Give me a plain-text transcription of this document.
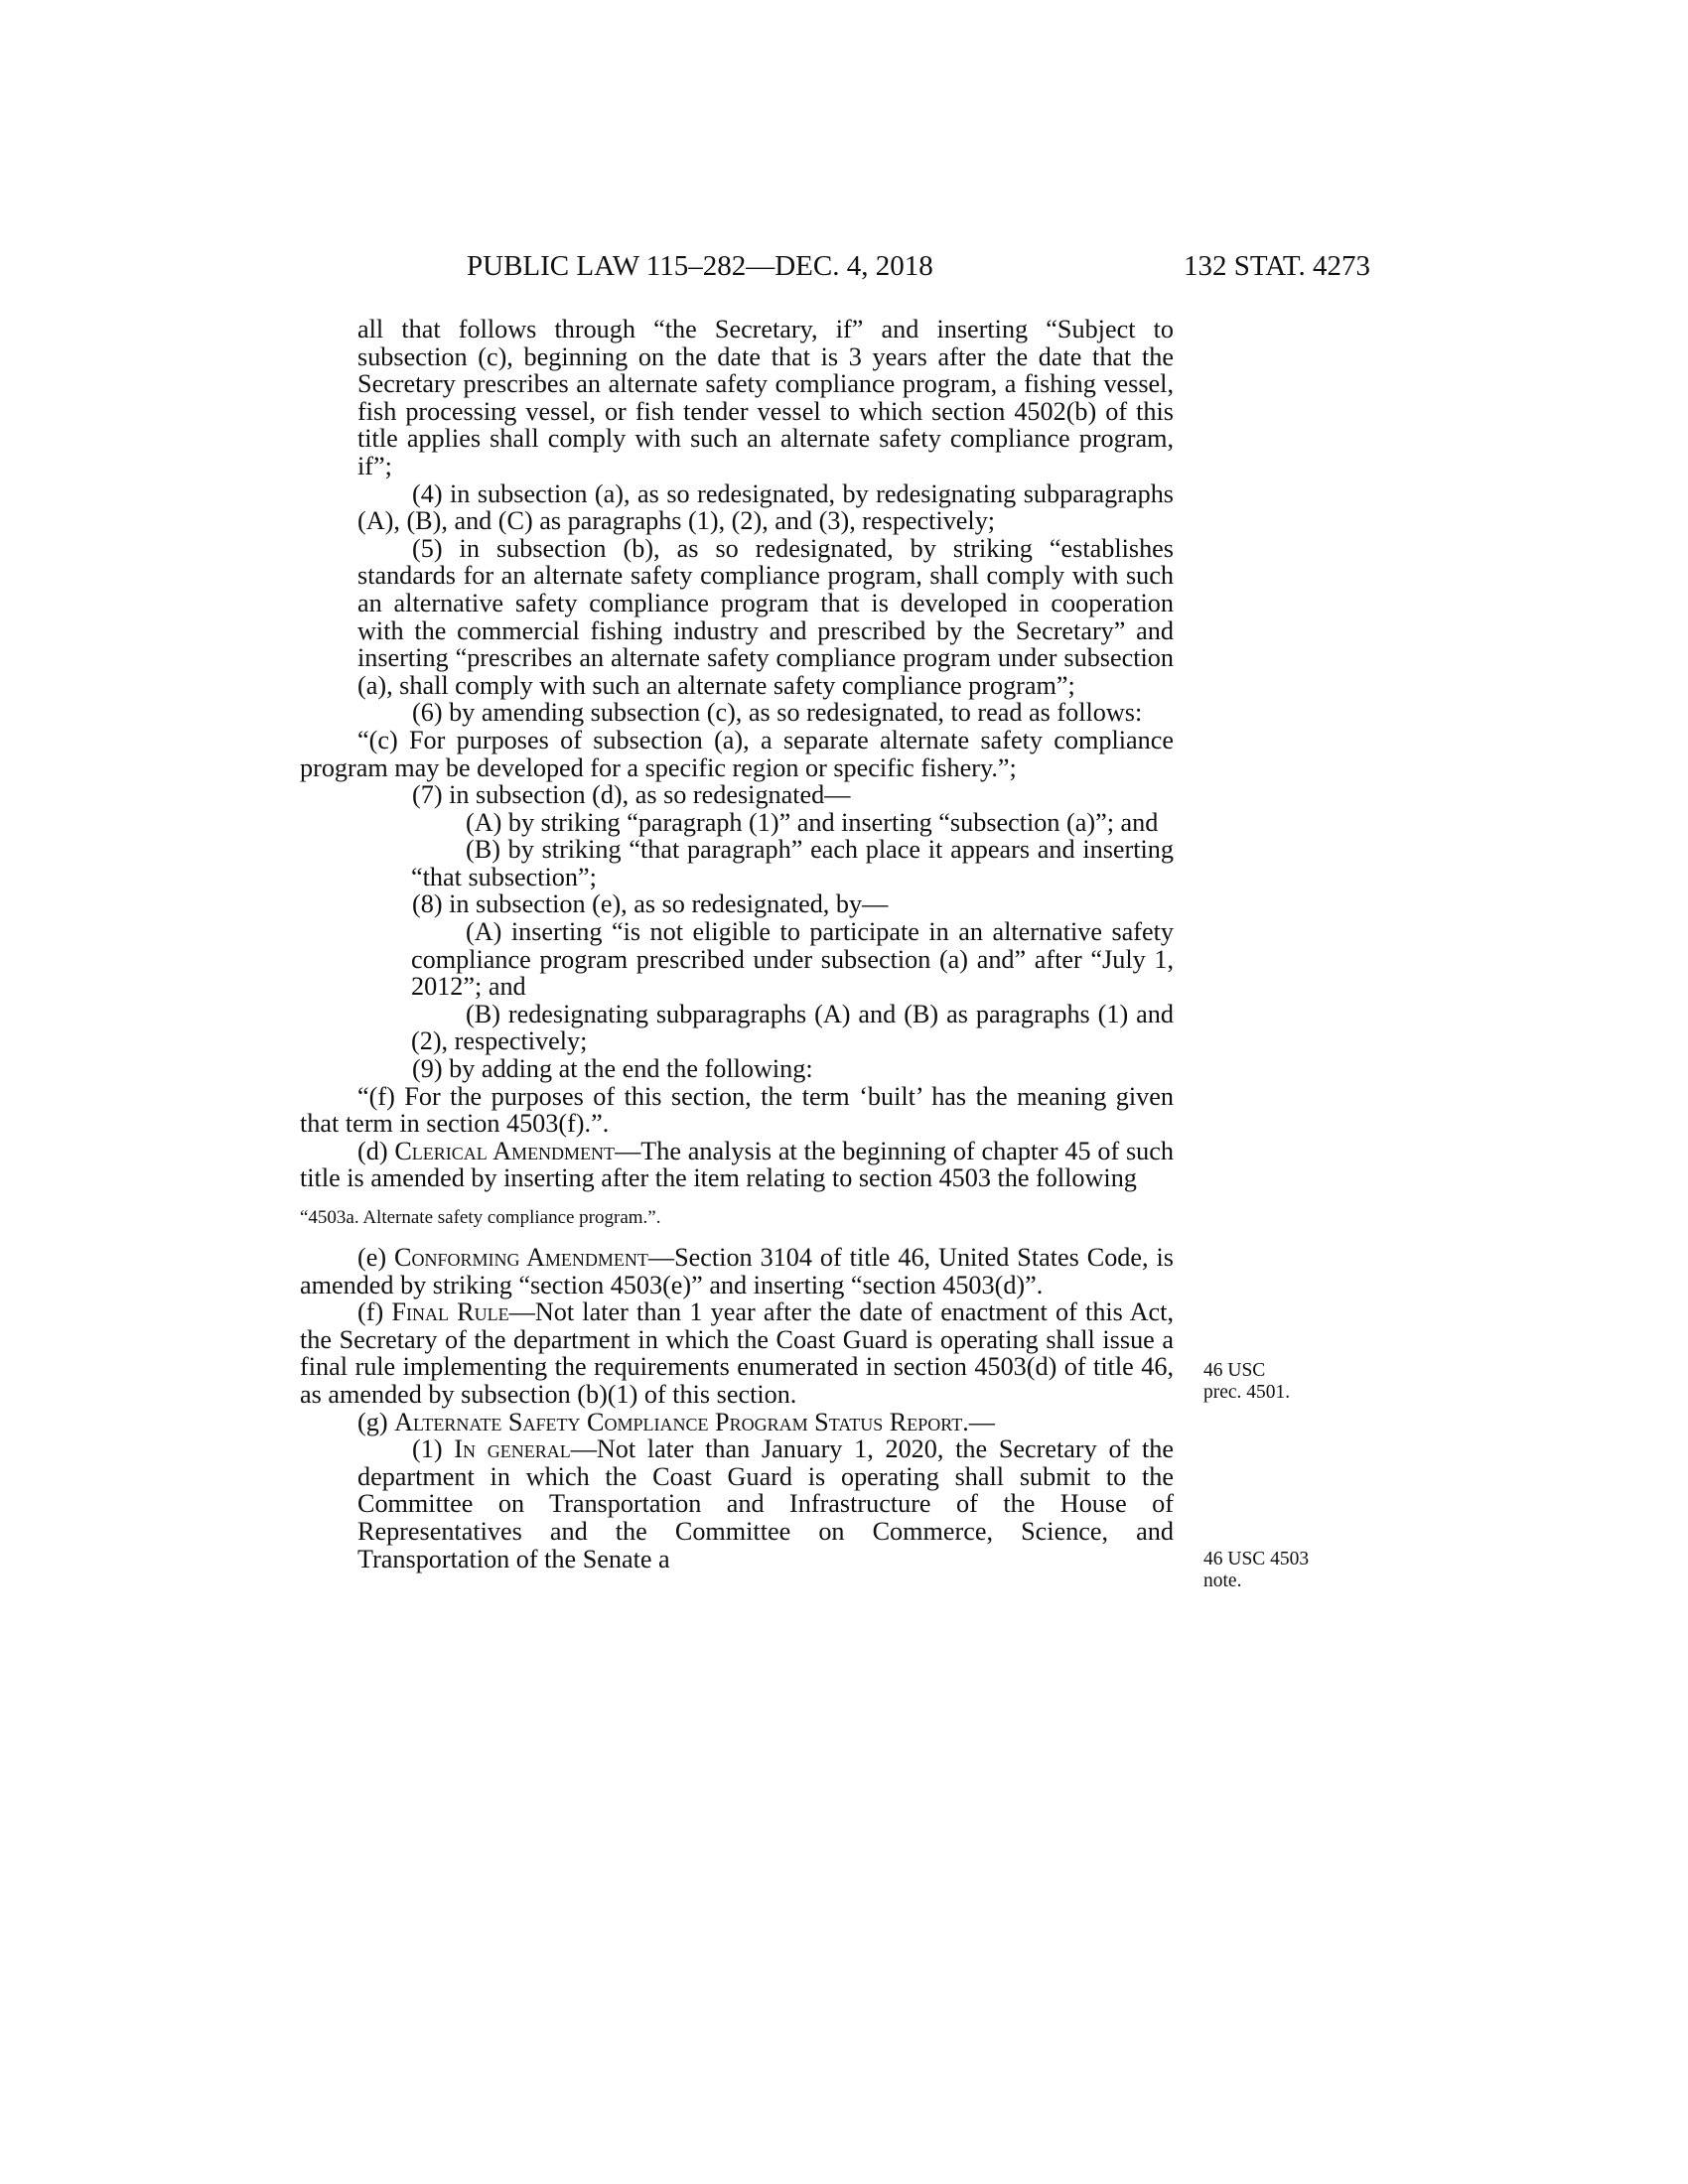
PUBLIC LAW 115–282—DEC. 4, 2018	132 STAT. 4273

all that follows through “the Secretary, if” and inserting “Subject to subsection (c), beginning on the date that is 3 years after the date that the Secretary prescribes an alternate safety compliance program, a fishing vessel, fish processing vessel, or fish tender vessel to which section 4502(b) of this title applies shall comply with such an alternate safety compliance program, if”;

(4) in subsection (a), as so redesignated, by redesignating subparagraphs (A), (B), and (C) as paragraphs (1), (2), and (3), respectively;

(5) in subsection (b), as so redesignated, by striking “establishes standards for an alternate safety compliance program, shall comply with such an alternative safety compliance program that is developed in cooperation with the commercial fishing industry and prescribed by the Secretary” and inserting “prescribes an alternate safety compliance program under subsection (a), shall comply with such an alternate safety compliance program”;

(6) by amending subsection (c), as so redesignated, to read as follows:

“(c) For purposes of subsection (a), a separate alternate safety compliance program may be developed for a specific region or specific fishery.”;

(7) in subsection (d), as so redesignated—

(A) by striking “paragraph (1)” and inserting “subsection (a)”; and

(B) by striking “that paragraph” each place it appears and inserting “that subsection”;

(8) in subsection (e), as so redesignated, by—

(A) inserting “is not eligible to participate in an alternative safety compliance program prescribed under subsection (a) and” after “July 1, 2012”; and

(B) redesignating subparagraphs (A) and (B) as paragraphs (1) and (2), respectively;

(9) by adding at the end the following:

“(f) For the purposes of this section, the term ‘built’ has the meaning given that term in section 4503(f).”.

(d) Clerical Amendment—The analysis at the beginning of chapter 45 of such title is amended by inserting after the item relating to section 4503 the following

“4503a. Alternate safety compliance program.”.

(e) Conforming Amendment—Section 3104 of title 46, United States Code, is amended by striking “section 4503(e)” and inserting “section 4503(d)”.

(f) Final Rule—Not later than 1 year after the date of enactment of this Act, the Secretary of the department in which the Coast Guard is operating shall issue a final rule implementing the requirements enumerated in section 4503(d) of title 46, as amended by subsection (b)(1) of this section.

(g) Alternate Safety Compliance Program Status Report.—

(1) In general—Not later than January 1, 2020, the Secretary of the department in which the Coast Guard is operating shall submit to the Committee on Transportation and Infrastructure of the House of Representatives and the Committee on Commerce, Science, and Transportation of the Senate a

46 USC
prec. 4501.
46 USC 4503
note.
